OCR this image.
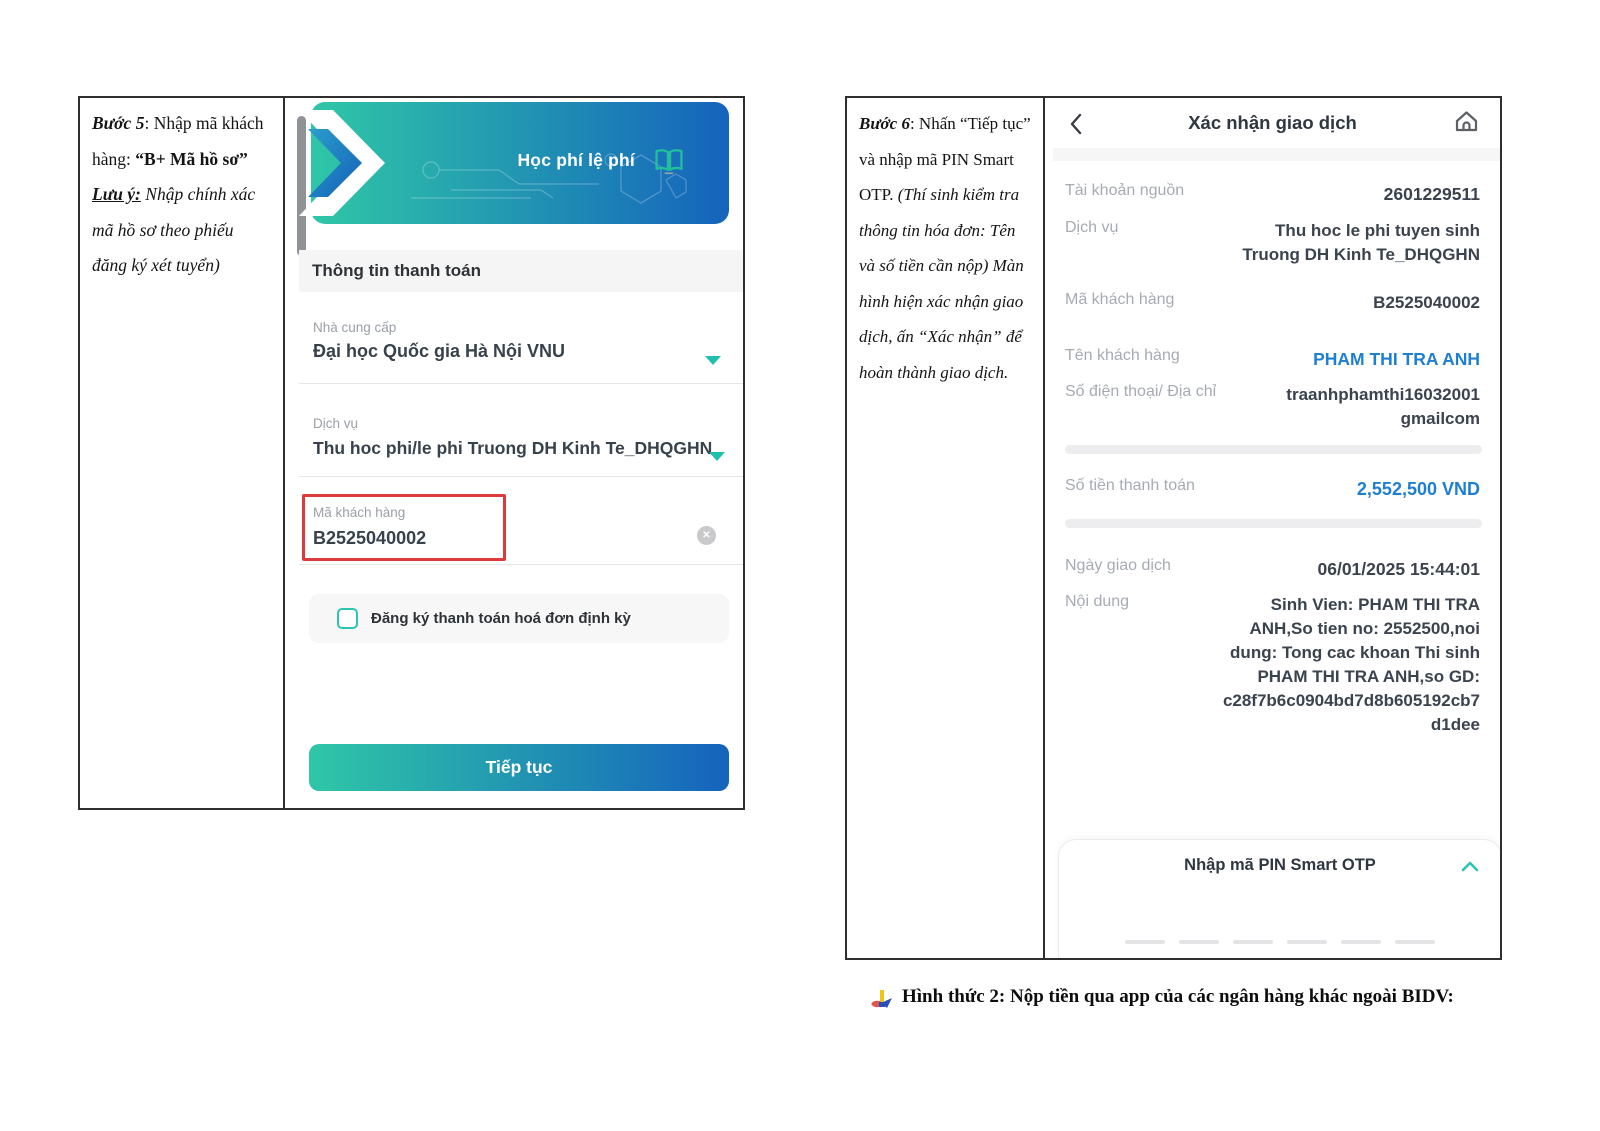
Bước 5: Nhập mã khách hàng: “B+ Mã hồ sơ”
Lưu ý: Nhập chính xác mã hồ sơ theo phiếu đăng ký xét tuyển)
Học phí lệ phí
Thông tin thanh toán
Nhà cung cấp
Đại học Quốc gia Hà Nội VNU
Dịch vụ
Thu hoc phi/le phi Truong DH Kinh Te_DHQGHN
Mã khách hàng
B2525040002	✕
Đăng ký thanh toán hoá đơn định kỳ
Tiếp tục
Bước 6: Nhấn “Tiếp tục” và nhập mã PIN Smart OTP. (Thí sinh kiểm tra thông tin hóa đơn: Tên và số tiền cần nộp) Màn hình hiện xác nhận giao dịch, ấn “Xác nhận” để hoàn thành giao dịch.
Xác nhận giao dịch
Tài khoản nguồn	2601229511
Dịch vụ	Thu hoc le phi tuyen sinh Truong DH Kinh Te_DHQGHN
Mã khách hàng	B2525040002
Tên khách hàng	PHAM THI TRA ANH
Số điện thoại/ Địa chỉ	traanhphamthi16032001 gmailcom
Số tiền thanh toán	2,552,500 VND
Ngày giao dịch	06/01/2025 15:44:01
Nội dung	Sinh Vien: PHAM THI TRA ANH,So tien no: 2552500,noi dung: Tong cac khoan Thi sinh PHAM THI TRA ANH,so GD: c28f7b6c0904bd7d8b605192cb7d1dee
Nhập mã PIN Smart OTP
Hình thức 2: Nộp tiền qua app của các ngân hàng khác ngoài BIDV:
